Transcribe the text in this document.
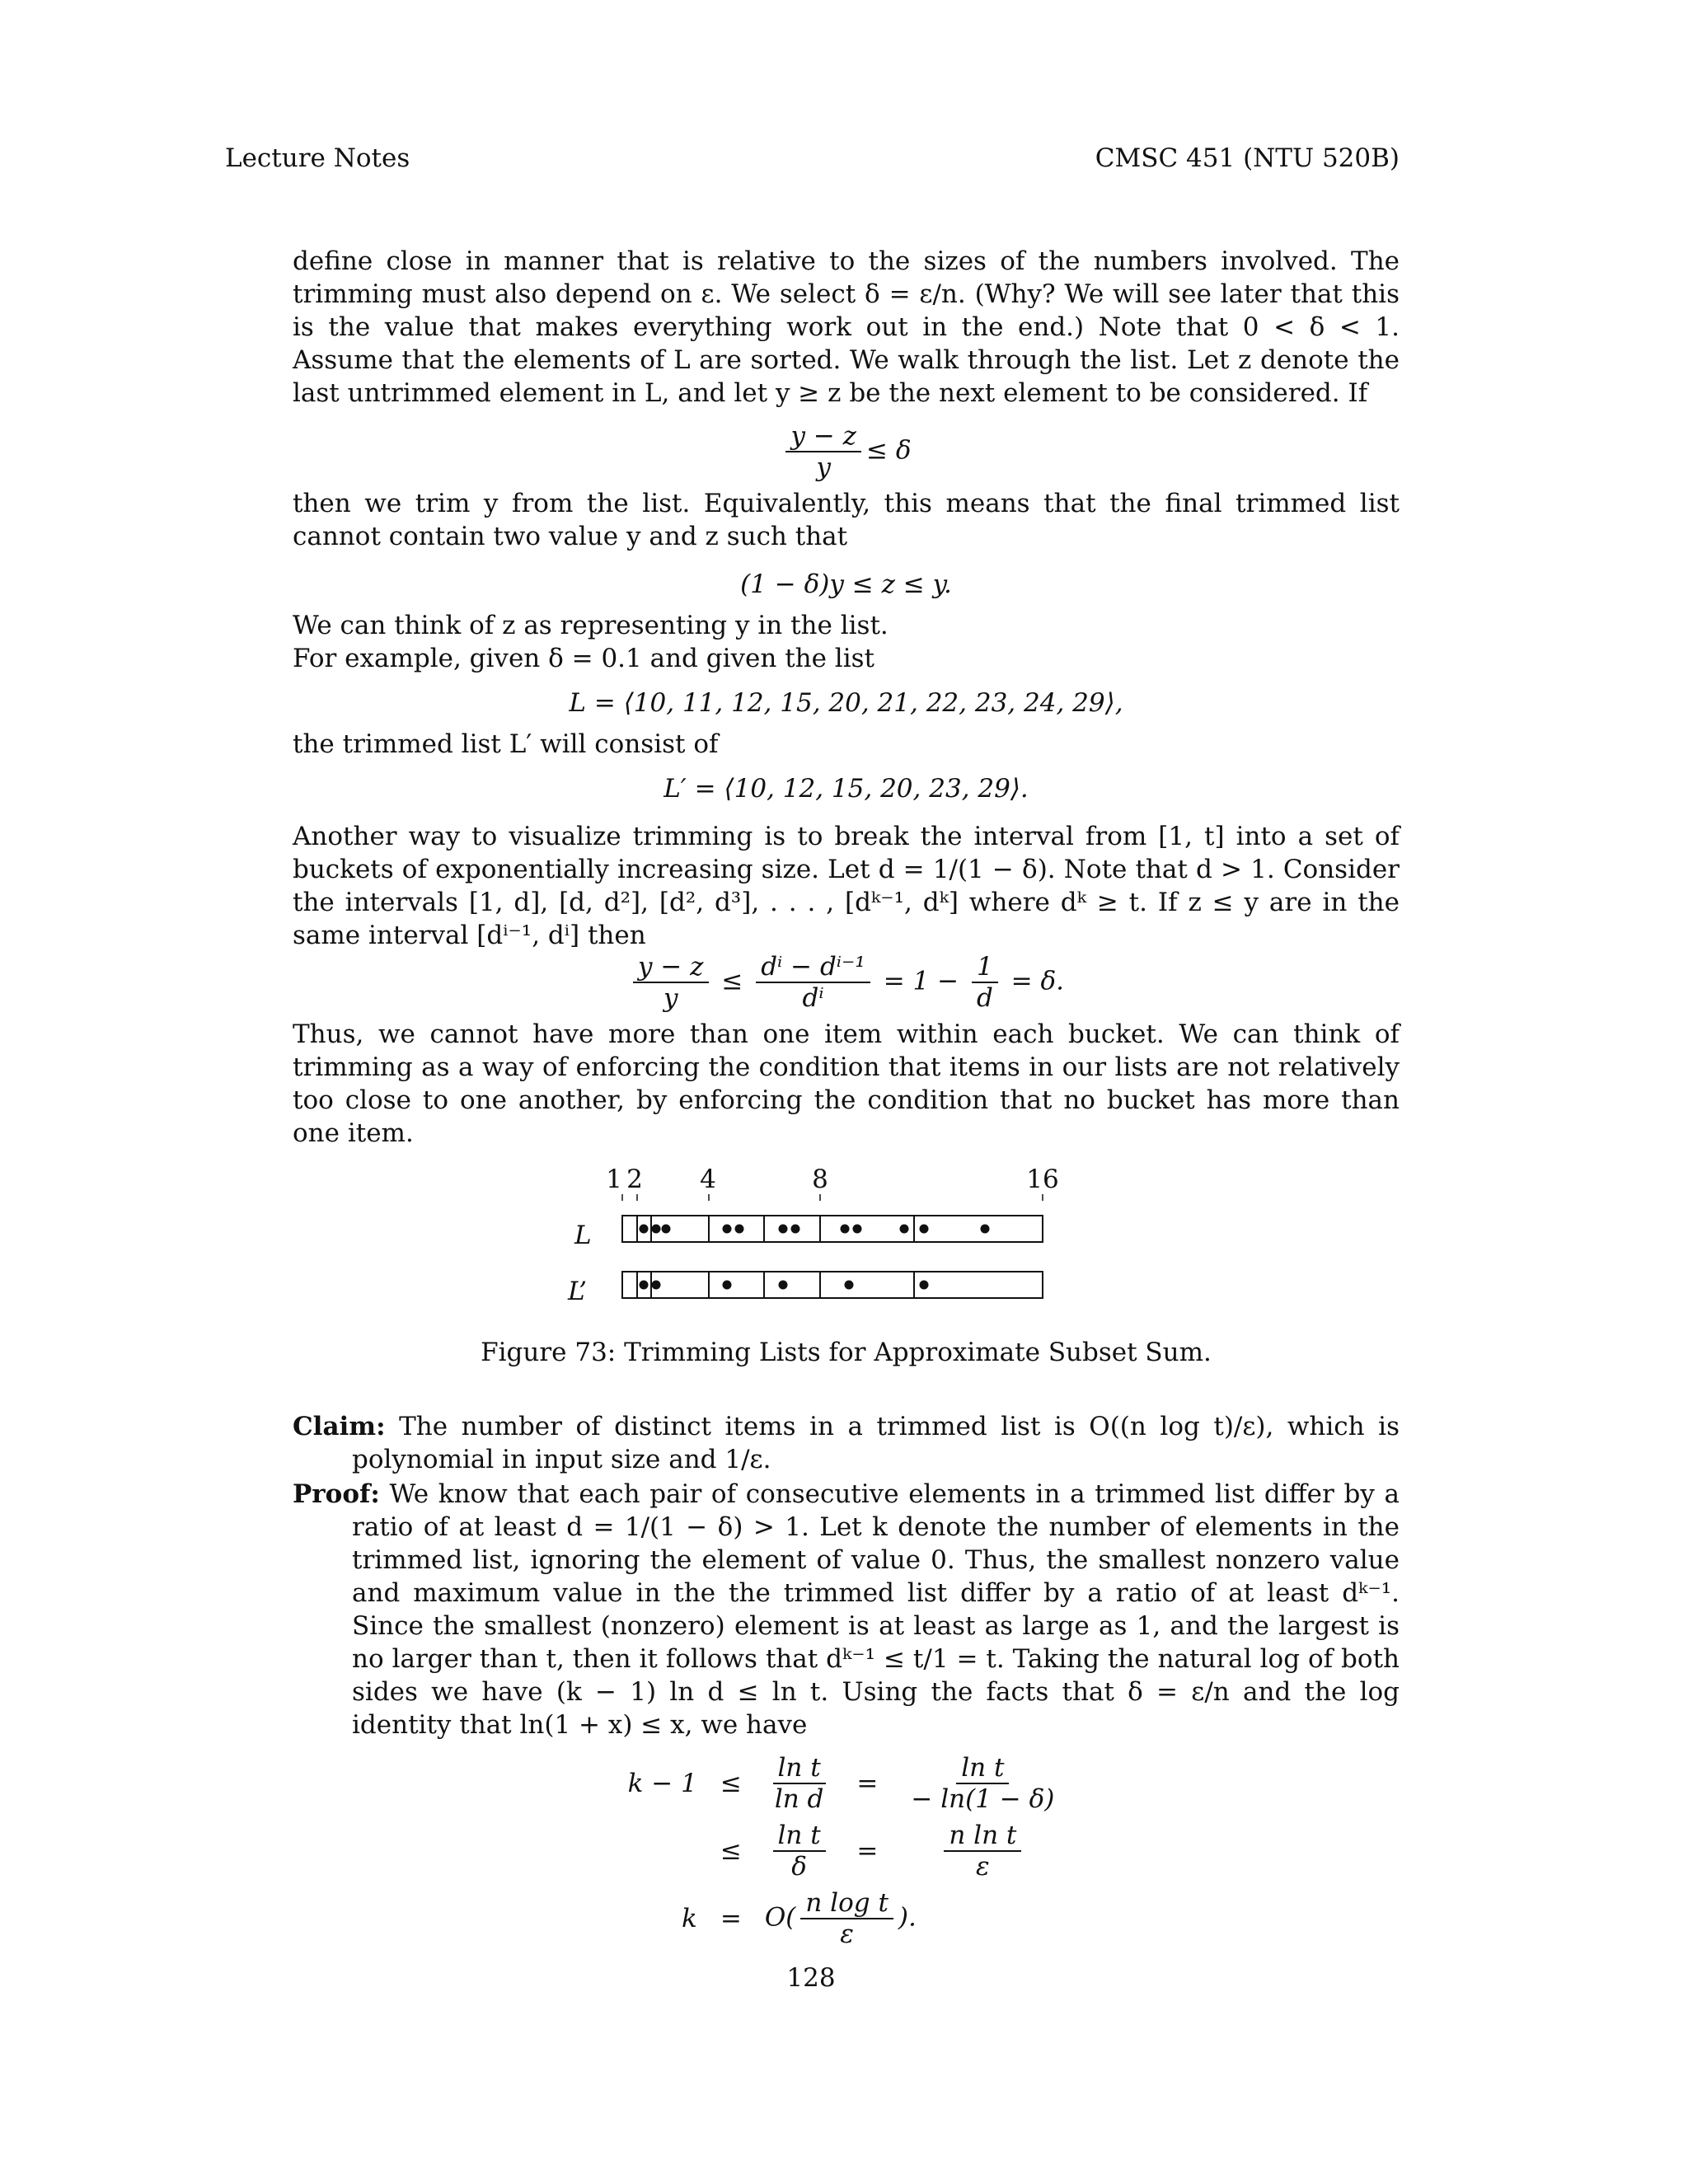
Lecture Notes	CMSC 451 (NTU 520B)

define close in manner that is relative to the sizes of the numbers involved. The trimming must also depend on ε. We select δ = ε/n. (Why? We will see later that this is the value that makes everything work out in the end.) Note that 0 < δ < 1. Assume that the elements of L are sorted. We walk through the list. Let z denote the last untrimmed element in L, and let y ≥ z be the next element to be considered. If

$\frac{y - z}{y} \le \delta$

then we trim y from the list. Equivalently, this means that the final trimmed list cannot contain two value y and z such that

(1 − δ)y ≤ z ≤ y.

We can think of z as representing y in the list.

For example, given δ = 0.1 and given the list

L = ⟨10, 11, 12, 15, 20, 21, 22, 23, 24, 29⟩,

the trimmed list L′ will consist of

L′ = ⟨10, 12, 15, 20, 23, 29⟩.

Another way to visualize trimming is to break the interval from [1, t] into a set of buckets of exponentially increasing size. Let d = 1/(1 − δ). Note that d > 1. Consider the intervals [1, d], [d, d²], [d², d³], . . . , [dᵏ⁻¹, dᵏ] where dᵏ ≥ t. If z ≤ y are in the same interval [dⁱ⁻¹, dⁱ] then

$\frac{y - z}{y} \le \frac{\text{dⁱ − dⁱ⁻¹}}{\text{dⁱ}} = 1 - \frac{1}{d} = \delta$.

Thus, we cannot have more than one item within each bucket. We can think of trimming as a way of enforcing the condition that items in our lists are not relatively too close to one another, by enforcing the condition that no bucket has more than one item.

1 2 4	8	16
L
L’
Figure 73: Trimming Lists for Approximate Subset Sum.

Claim: The number of distinct items in a trimmed list is O((n log t)/ε), which is polynomial in input size and 1/ε.

Proof: We know that each pair of consecutive elements in a trimmed list differ by a ratio of at least d = 1/(1 − δ) > 1. Let k denote the number of elements in the trimmed list, ignoring the element of value 0. Thus, the smallest nonzero value and maximum value in the the trimmed list differ by a ratio of at least dᵏ⁻¹. Since the smallest (nonzero) element is at least as large as 1, and the largest is no larger than t, then it follows that dᵏ⁻¹ ≤ t/1 = t. Taking the natural log of both sides we have (k − 1) ln d ≤ ln t. Using the facts that δ = ε/n and the log identity that ln(1 + x) ≤ x, we have

$k - 1 \le \frac{\text{ln t}}{\text{ln d}} = \frac{\text{ln t}}{- \ln(1 - \delta)}$
≤ $\frac{\text{ln t}}{\delta} = \frac{\text{n ln t}}{\varepsilon}$
$k = O( \frac{\text{n log t}}{\varepsilon}$ ).
128
